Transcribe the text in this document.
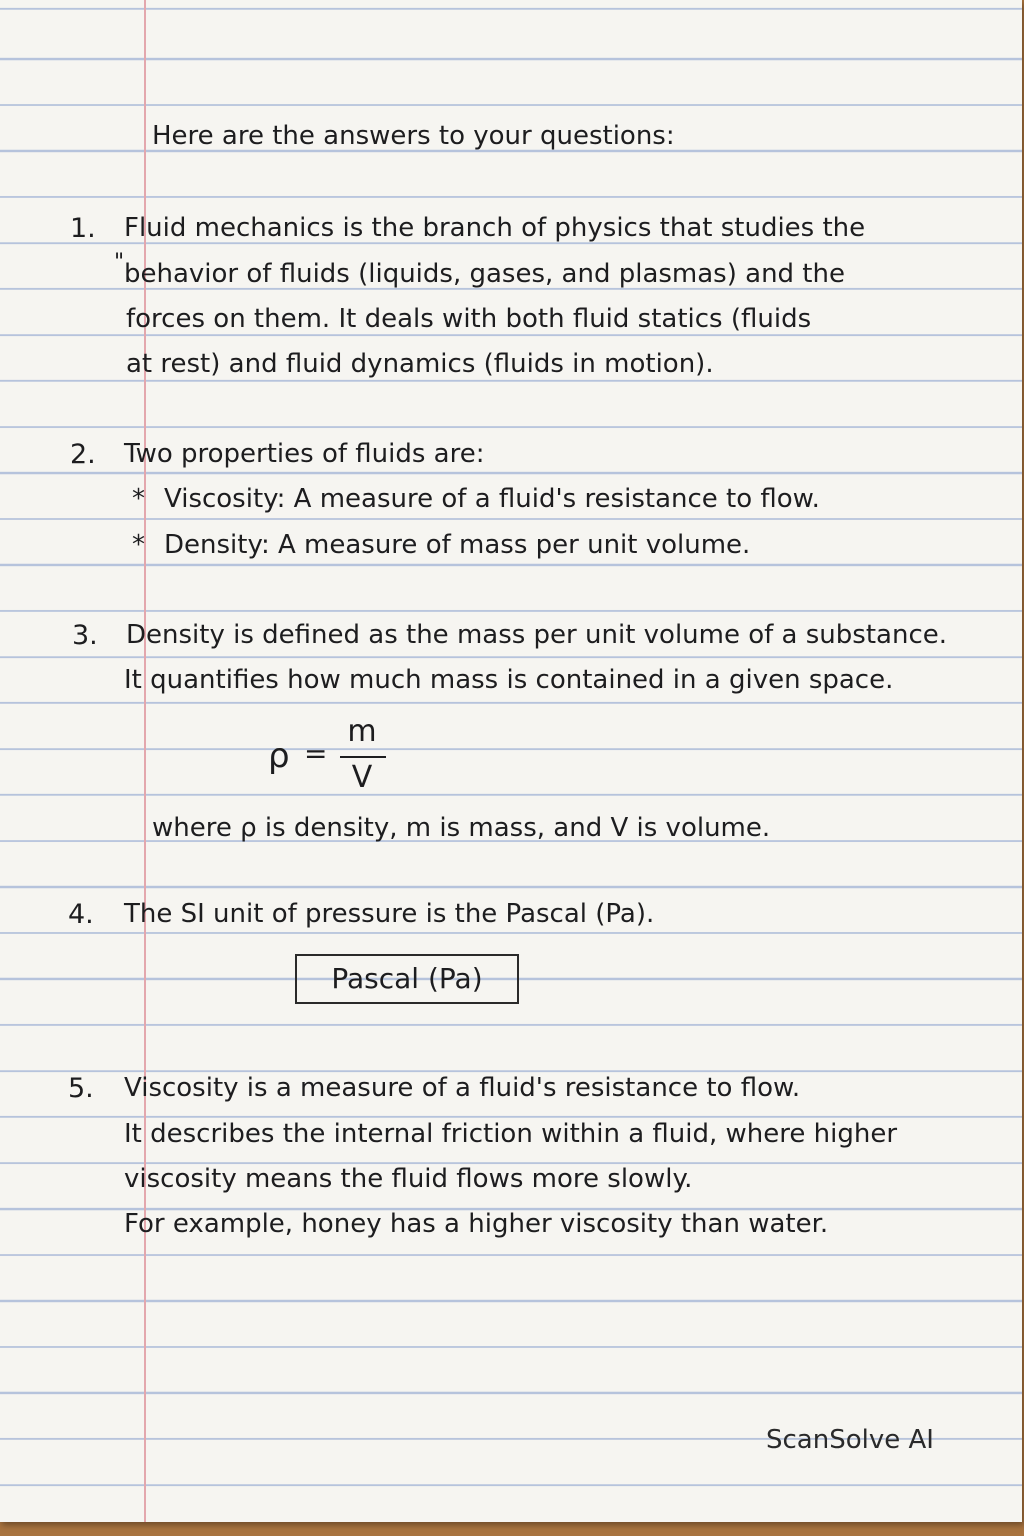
Here are the answers to your questions:
1. Fluid mechanics is the branch of physics that studies the
" behavior of fluids (liquids, gases, and plasmas) and the
forces on them. It deals with both fluid statics (fluids
at rest) and fluid dynamics (fluids in motion).
2. Two properties of fluids are:
* Viscosity: A measure of a fluid's resistance to flow.
* Density: A measure of mass per unit volume.
3. Density is defined as the mass per unit volume of a substance.
It quantifies how much mass is contained in a given space.
ρ =
m
V
where ρ is density, m is mass, and V is volume.
4. The SI unit of pressure is the Pascal (Pa).
Pascal (Pa)
5. Viscosity is a measure of a fluid's resistance to flow.
It describes the internal friction within a fluid, where higher
viscosity means the fluid flows more slowly.
For example, honey has a higher viscosity than water.
ScanSolve AI
